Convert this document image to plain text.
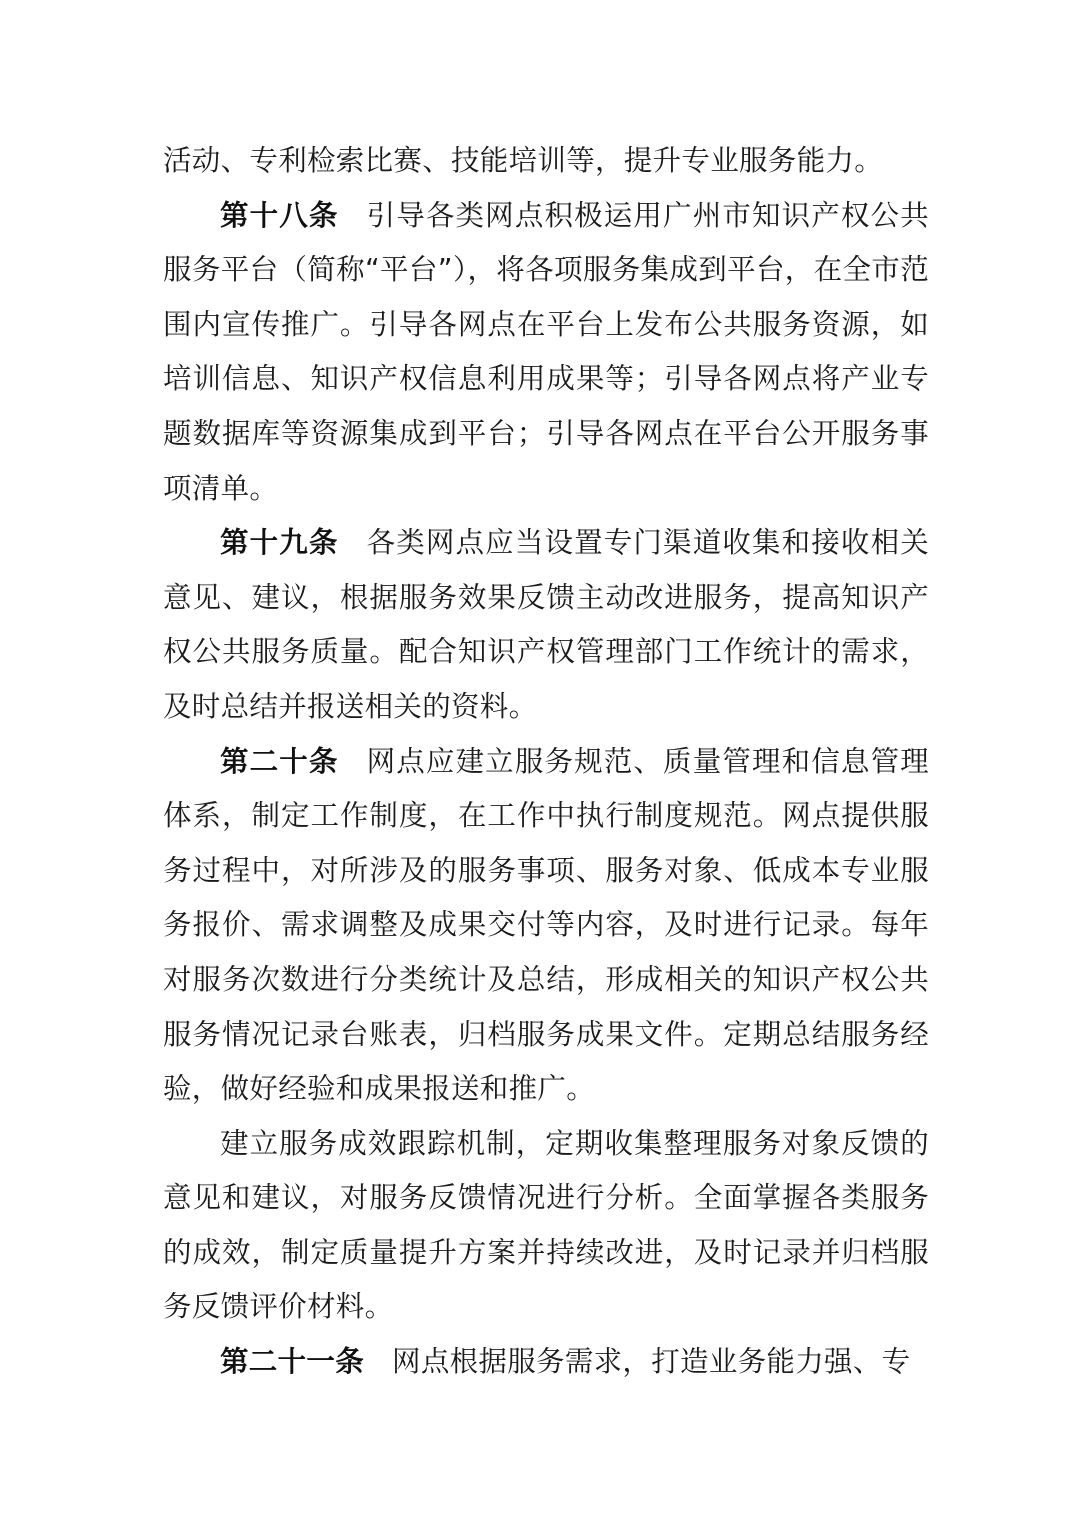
活动、专利检索比赛、技能培训等，提升专业服务能力。

第十八条 引导各类网点积极运用广州市知识产权公共服务平台（简称“平台”），将各项服务集成到平台，在全市范围内宣传推广。引导各网点在平台上发布公共服务资源，如培训信息、知识产权信息利用成果等；引导各网点将产业专题数据库等资源集成到平台；引导各网点在平台公开服务事项清单。

第十九条 各类网点应当设置专门渠道收集和接收相关意见、建议，根据服务效果反馈主动改进服务，提高知识产权公共服务质量。配合知识产权管理部门工作统计的需求，及时总结并报送相关的资料。

第二十条 网点应建立服务规范、质量管理和信息管理体系，制定工作制度，在工作中执行制度规范。网点提供服务过程中，对所涉及的服务事项、服务对象、低成本专业服务报价、需求调整及成果交付等内容，及时进行记录。每年对服务次数进行分类统计及总结，形成相关的知识产权公共服务情况记录台账表，归档服务成果文件。定期总结服务经验，做好经验和成果报送和推广。

建立服务成效跟踪机制，定期收集整理服务对象反馈的意见和建议，对服务反馈情况进行分析。全面掌握各类服务的成效，制定质量提升方案并持续改进，及时记录并归档服务反馈评价材料。

第二十一条 网点根据服务需求，打造业务能力强、专
